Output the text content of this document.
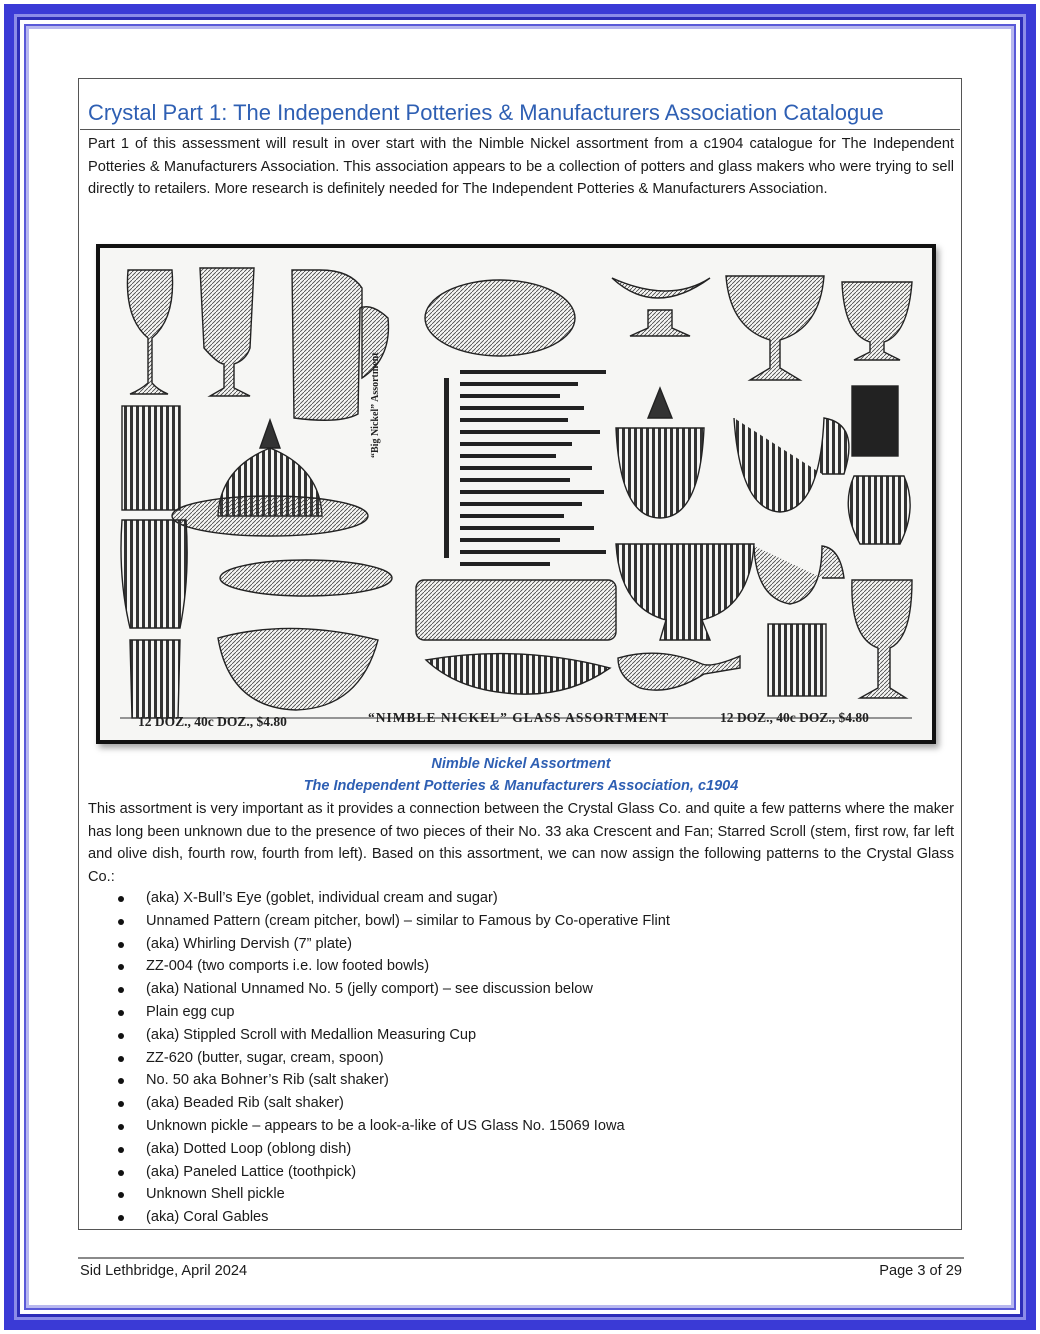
Crystal Part 1: The Independent Potteries & Manufacturers Association Catalogue
Part 1 of this assessment will result in over start with the Nimble Nickel assortment from a c1904 catalogue for The Independent Potteries & Manufacturers Association. This association appears to be a collection of potters and glass makers who were trying to sell directly to retailers. More research is definitely needed for The Independent Potteries & Manufacturers Association.
12 DOZ., 40c DOZ., $4.80	“NIMBLE NICKEL” GLASS ASSORTMENT	12 DOZ., 40c DOZ., $4.80
“Big Nickel” Assortment
Nimble Nickel Assortment
The Independent Potteries & Manufacturers Association, c1904
This assortment is very important as it provides a connection between the Crystal Glass Co. and quite a few patterns where the maker has long been unknown due to the presence of two pieces of their No. 33 aka Crescent and Fan; Starred Scroll (stem, first row, far left and olive dish, fourth row, fourth from left). Based on this assortment, we can now assign the following patterns to the Crystal Glass Co.:
(aka) X-Bull’s Eye (goblet, individual cream and sugar)
Unnamed Pattern (cream pitcher, bowl) – similar to Famous by Co-operative Flint
(aka) Whirling Dervish (7” plate)
ZZ-004 (two comports i.e. low footed bowls)
(aka) National Unnamed No. 5 (jelly comport) – see discussion below
Plain egg cup
(aka) Stippled Scroll with Medallion Measuring Cup
ZZ-620 (butter, sugar, cream, spoon)
No. 50 aka Bohner’s Rib (salt shaker)
(aka) Beaded Rib (salt shaker)
Unknown pickle – appears to be a look-a-like of US Glass No. 15069 Iowa
(aka) Dotted Loop (oblong dish)
(aka) Paneled Lattice (toothpick)
Unknown Shell pickle
(aka) Coral Gables
Sid Lethbridge, April 2024	Page 3 of 29
